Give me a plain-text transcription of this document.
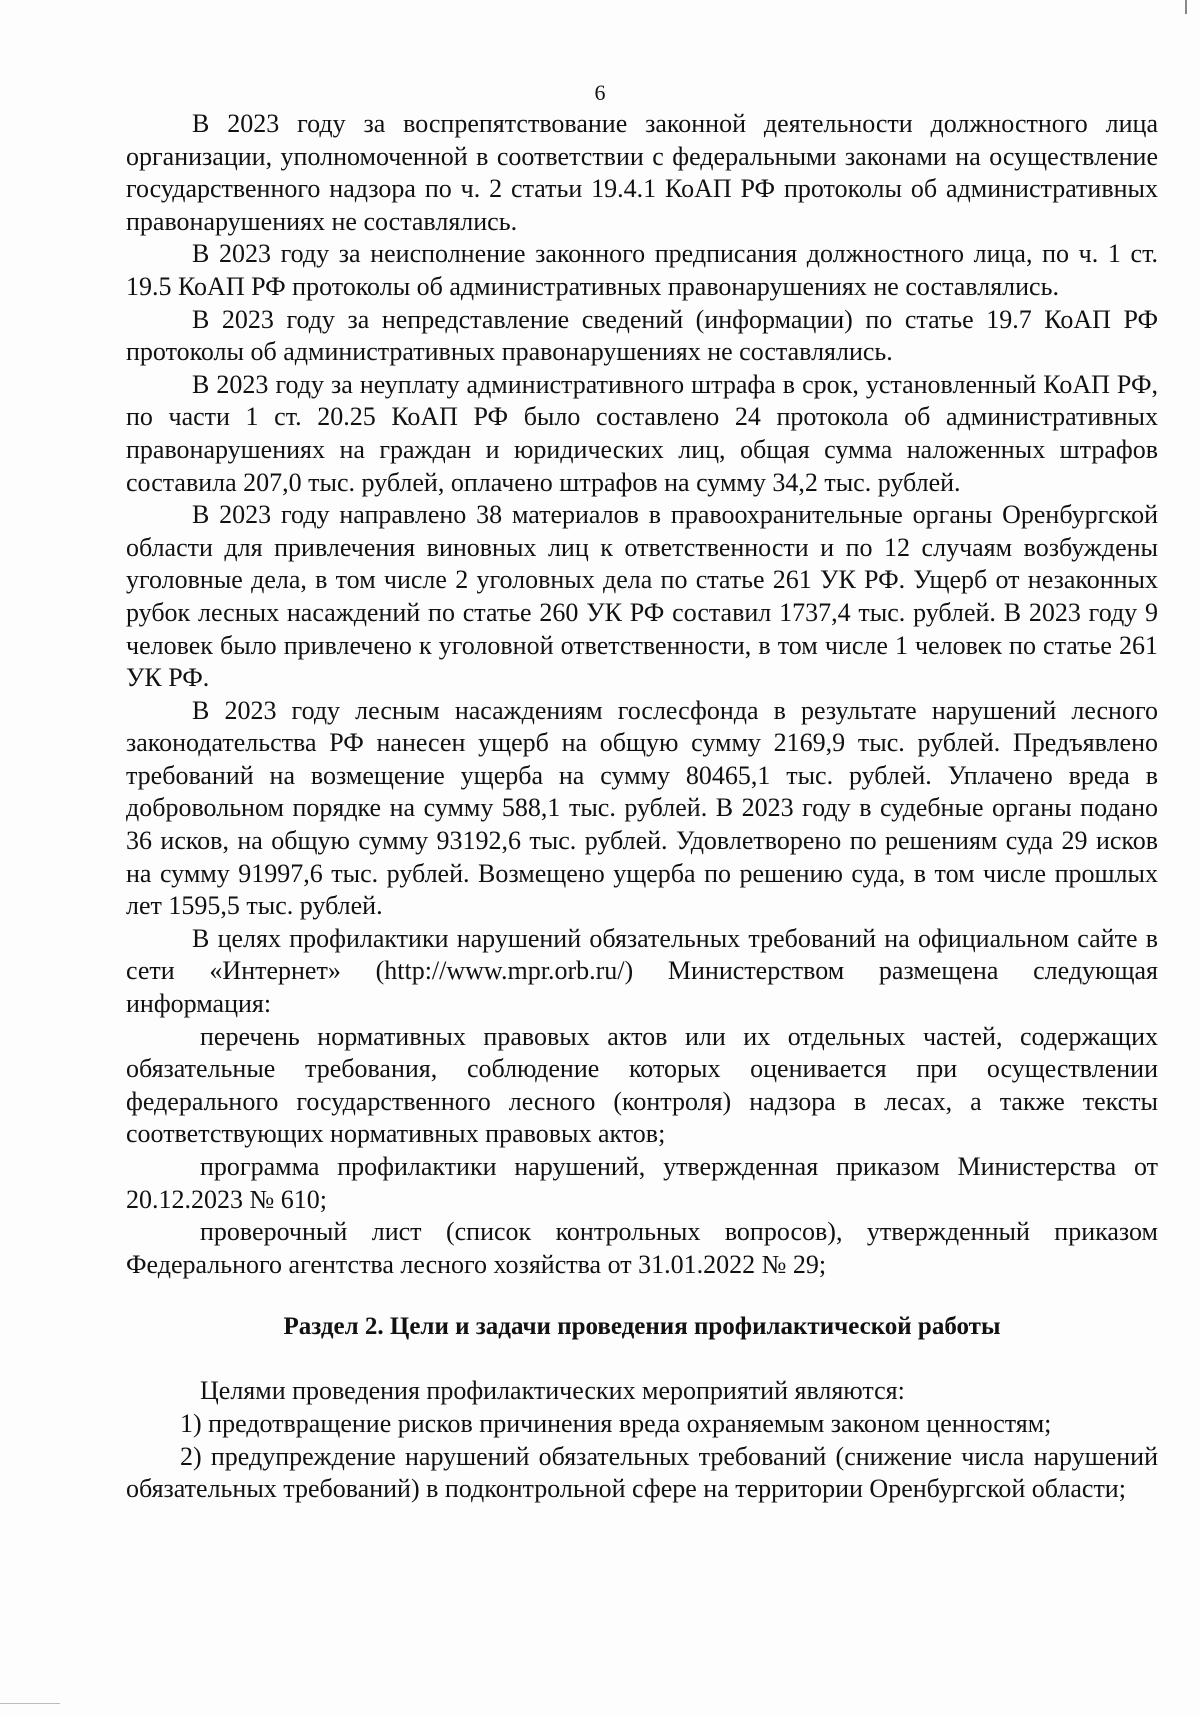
6

В 2023 году за воспрепятствование законной деятельности должностного лица организации, уполномоченной в соответствии с федеральными законами на осуществление государственного надзора по ч. 2 статьи 19.4.1 КоАП РФ протоколы об административных правонарушениях не составлялись.

В 2023 году за неисполнение законного предписания должностного лица, по ч. 1 ст. 19.5 КоАП РФ протоколы об административных правонарушениях не составлялись.

В 2023 году за непредставление сведений (информации) по статье 19.7 КоАП РФ протоколы об административных правонарушениях не составлялись.

В 2023 году за неуплату административного штрафа в срок, установленный КоАП РФ, по части 1 ст. 20.25 КоАП РФ было составлено 24 протокола об административных правонарушениях на граждан и юридических лиц, общая сумма наложенных штрафов составила 207,0 тыс. рублей, оплачено штрафов на сумму 34,2 тыс. рублей.

В 2023 году направлено 38 материалов в правоохранительные органы Оренбургской области для привлечения виновных лиц к ответственности и по 12 случаям возбуждены уголовные дела, в том числе 2 уголовных дела по статье 261 УК РФ. Ущерб от незаконных рубок лесных насаждений по статье 260 УК РФ составил 1737,4 тыс. рублей. В 2023 году 9 человек было привлечено к уголовной ответственности, в том числе 1 человек по статье 261 УК РФ.

В 2023 году лесным насаждениям гослесфонда в результате нарушений лесного законодательства РФ нанесен ущерб на общую сумму 2169,9 тыс. рублей. Предъявлено требований на возмещение ущерба на сумму 80465,1 тыс. рублей. Уплачено вреда в добровольном порядке на сумму 588,1 тыс. рублей. В 2023 году в судебные органы подано 36 исков, на общую сумму 93192,6 тыс. рублей. Удовлетворено по решениям суда 29 исков на сумму 91997,6 тыс. рублей. Возмещено ущерба по решению суда, в том числе прошлых лет 1595,5 тыс. рублей.

В целях профилактики нарушений обязательных требований на официальном сайте в сети «Интернет» (http://www.mpr.orb.ru/) Министерством размещена следующая информация:

перечень нормативных правовых актов или их отдельных частей, содержащих обязательные требования, соблюдение которых оценивается при осуществлении федерального государственного лесного (контроля) надзора в лесах, а также тексты соответствующих нормативных правовых актов;

программа профилактики нарушений, утвержденная приказом Министерства от 20.12.2023 № 610;

проверочный лист (список контрольных вопросов), утвержденный приказом Федерального агентства лесного хозяйства от 31.01.2022 № 29;

Раздел 2. Цели и задачи проведения профилактической работы

Целями проведения профилактических мероприятий являются:

1) предотвращение рисков причинения вреда охраняемым законом ценностям;

2) предупреждение нарушений обязательных требований (снижение числа нарушений обязательных требований) в подконтрольной сфере на территории Оренбургской области;
